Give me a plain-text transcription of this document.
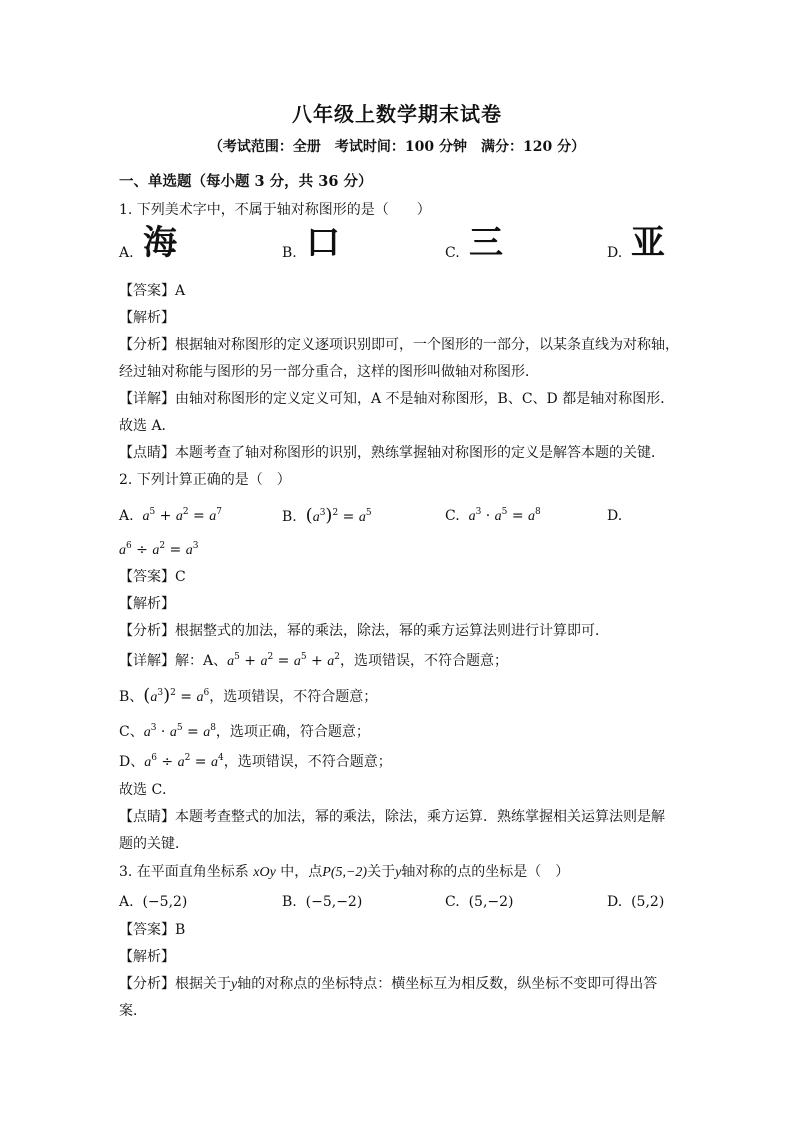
八年级上数学期末试卷
（考试范围：全册　考试时间：100 分钟　满分：120 分）
一、单选题（每小题 3 分，共 36 分）
1. 下列美术字中，不属于轴对称图形的是（　　）
A. 海	B. 口	C. 三	D. 亚
【答案】A
【解析】
【分析】根据轴对称图形的定义逐项识别即可，一个图形的一部分，以某条直线为对称轴，
经过轴对称能与图形的另一部分重合，这样的图形叫做轴对称图形．
【详解】由轴对称图形的定义定义可知，A 不是轴对称图形，B、C、D 都是轴对称图形．
故选 A．
【点睛】本题考查了轴对称图形的识别，熟练掌握轴对称图形的定义是解答本题的关键．
2. 下列计算正确的是（　）
A. $a^5 + a^2 = a^7$	B. $(a^3)^2 = a^5$	C. $a^3 \cdot a^5 = a^8$	D.
$a^6 \div a^2 = a^3$
【答案】C
【解析】
【分析】根据整式的加法，幂的乘法，除法，幂的乘方运算法则进行计算即可．
【详解】解：A、$a^5 + a^2 = a^5 + a^2$，选项错误，不符合题意；
B、$(a^3)^2 = a^6$，选项错误，不符合题意；
C、$a^3 \cdot a^5 = a^8$，选项正确，符合题意；
D、$a^6 \div a^2 = a^4$，选项错误，不符合题意；
故选 C．
【点睛】本题考查整式的加法，幂的乘法，除法，乘方运算．熟练掌握相关运算法则是解
题的关键．
3. 在平面直角坐标系 xOy 中，点P(5,−2)关于y轴对称的点的坐标是（　）
A. (−5,2)	B. (−5,−2)	C. (5,−2)	D. (5,2)
【答案】B
【解析】
【分析】根据关于y轴的对称点的坐标特点：横坐标互为相反数，纵坐标不变即可得出答
案．
